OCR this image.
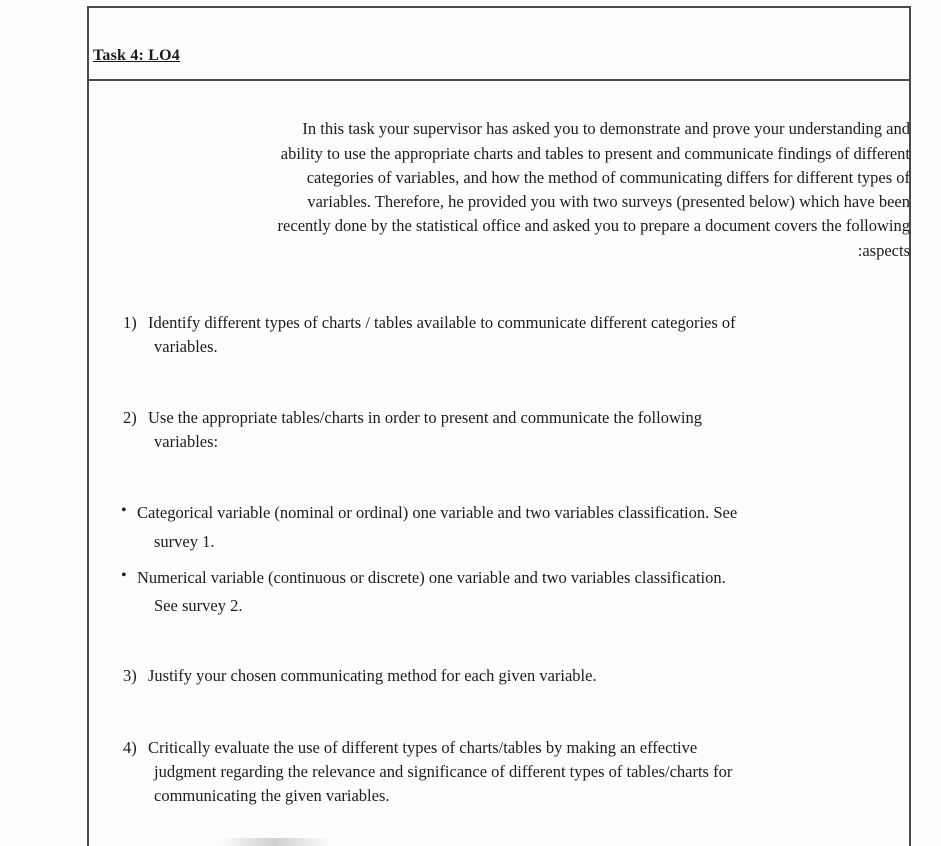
Task 4: LO4
In this task your supervisor has asked you to demonstrate and prove your understanding and
ability to use the appropriate charts and tables to present and communicate findings of different
categories of variables, and how the method of communicating differs for different types of
variables. Therefore, he provided you with two surveys (presented below) which have been
recently done by the statistical office and asked you to prepare a document covers the following
:aspects
1) Identify different types of charts / tables available to communicate different categories of
variables.
2) Use the appropriate tables/charts in order to present and communicate the following
variables:
• Categorical variable (nominal or ordinal) one variable and two variables classification. See
survey 1.
• Numerical variable (continuous or discrete) one variable and two variables classification.
See survey 2.
3) Justify your chosen communicating method for each given variable.
4) Critically evaluate the use of different types of charts/tables by making an effective
judgment regarding the relevance and significance of different types of tables/charts for
communicating the given variables.
